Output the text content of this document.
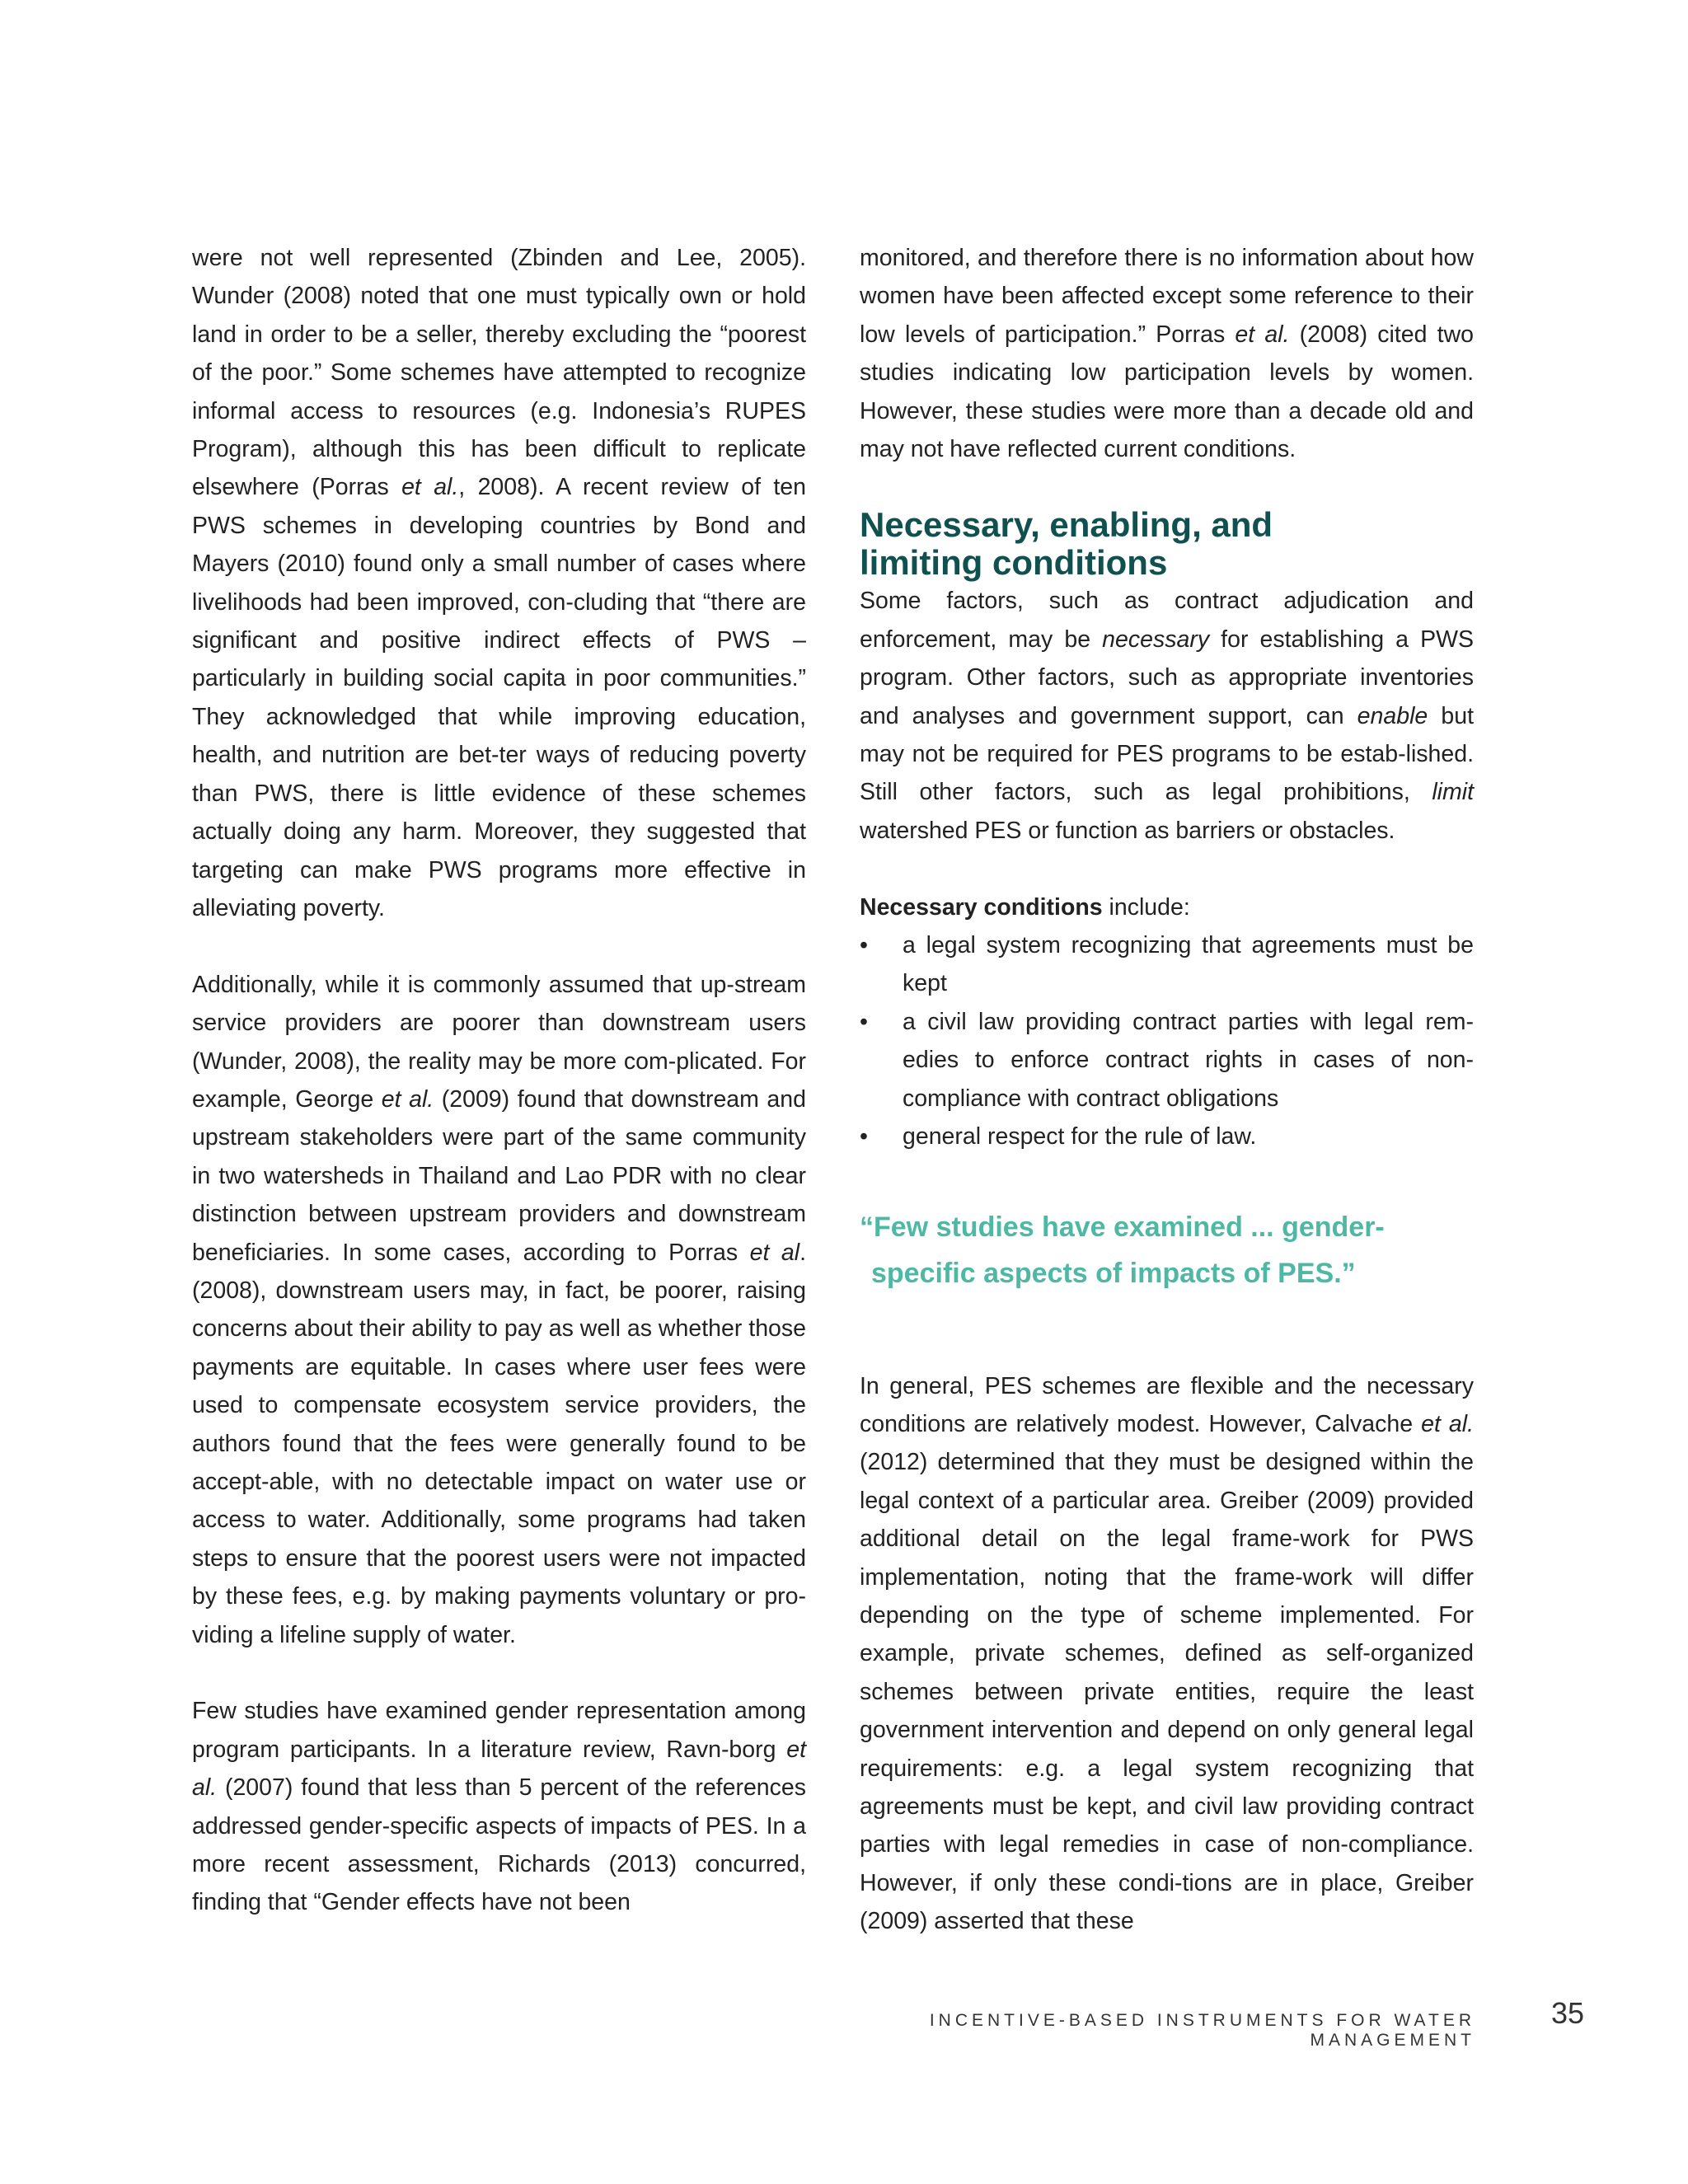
were not well represented (Zbinden and Lee, 2005). Wunder (2008) noted that one must typically own or hold land in order to be a seller, thereby excluding the “poorest of the poor.” Some schemes have attempted to recognize informal access to resources (e.g. Indonesia’s RUPES Program), although this has been difficult to replicate elsewhere (Porras et al., 2008). A recent review of ten PWS schemes in developing countries by Bond and Mayers (2010) found only a small number of cases where livelihoods had been improved, con-cluding that “there are significant and positive indirect effects of PWS – particularly in building social capita in poor communities.” They acknowledged that while improving education, health, and nutrition are bet-ter ways of reducing poverty than PWS, there is little evidence of these schemes actually doing any harm. Moreover, they suggested that targeting can make PWS programs more effective in alleviating poverty.

Additionally, while it is commonly assumed that up-stream service providers are poorer than downstream users (Wunder, 2008), the reality may be more com-plicated. For example, George et al. (2009) found that downstream and upstream stakeholders were part of the same community in two watersheds in Thailand and Lao PDR with no clear distinction between upstream providers and downstream beneficiaries. In some cases, according to Porras et al. (2008), downstream users may, in fact, be poorer, raising concerns about their ability to pay as well as whether those payments are equitable. In cases where user fees were used to compensate ecosystem service providers, the authors found that the fees were generally found to be accept-able, with no detectable impact on water use or access to water. Additionally, some programs had taken steps to ensure that the poorest users were not impacted by these fees, e.g. by making payments voluntary or pro-viding a lifeline supply of water.

Few studies have examined gender representation among program participants. In a literature review, Ravn-borg et al. (2007) found that less than 5 percent of the references addressed gender-specific aspects of impacts of PES. In a more recent assessment, Richards (2013) concurred, finding that “Gender effects have not been

monitored, and therefore there is no information about how women have been affected except some reference to their low levels of participation.” Porras et al. (2008) cited two studies indicating low participation levels by women. However, these studies were more than a decade old and may not have reflected current conditions.

Necessary, enabling, and
limiting conditions

Some factors, such as contract adjudication and enforcement, may be necessary for establishing a PWS program. Other factors, such as appropriate inventories and analyses and government support, can enable but may not be required for PES programs to be estab-lished. Still other factors, such as legal prohibitions, limit watershed PES or function as barriers or obstacles.

Necessary conditions include:

• a legal system recognizing that agreements must be kept
• a civil law providing contract parties with legal rem-edies to enforce contract rights in cases of non-compliance with contract obligations
• general respect for the rule of law.
“Few studies have examined ... gender-
specific aspects of impacts of PES.”

In general, PES schemes are flexible and the necessary conditions are relatively modest. However, Calvache et al. (2012) determined that they must be designed within the legal context of a particular area. Greiber (2009) provided additional detail on the legal frame-work for PWS implementation, noting that the frame-work will differ depending on the type of scheme implemented. For example, private schemes, defined as self-organized schemes between private entities, require the least government intervention and depend on only general legal requirements: e.g. a legal system recognizing that agreements must be kept, and civil law providing contract parties with legal remedies in case of non-compliance. However, if only these condi-tions are in place, Greiber (2009) asserted that these

INCENTIVE-BASED INSTRUMENTS FOR WATER MANAGEMENT
35
